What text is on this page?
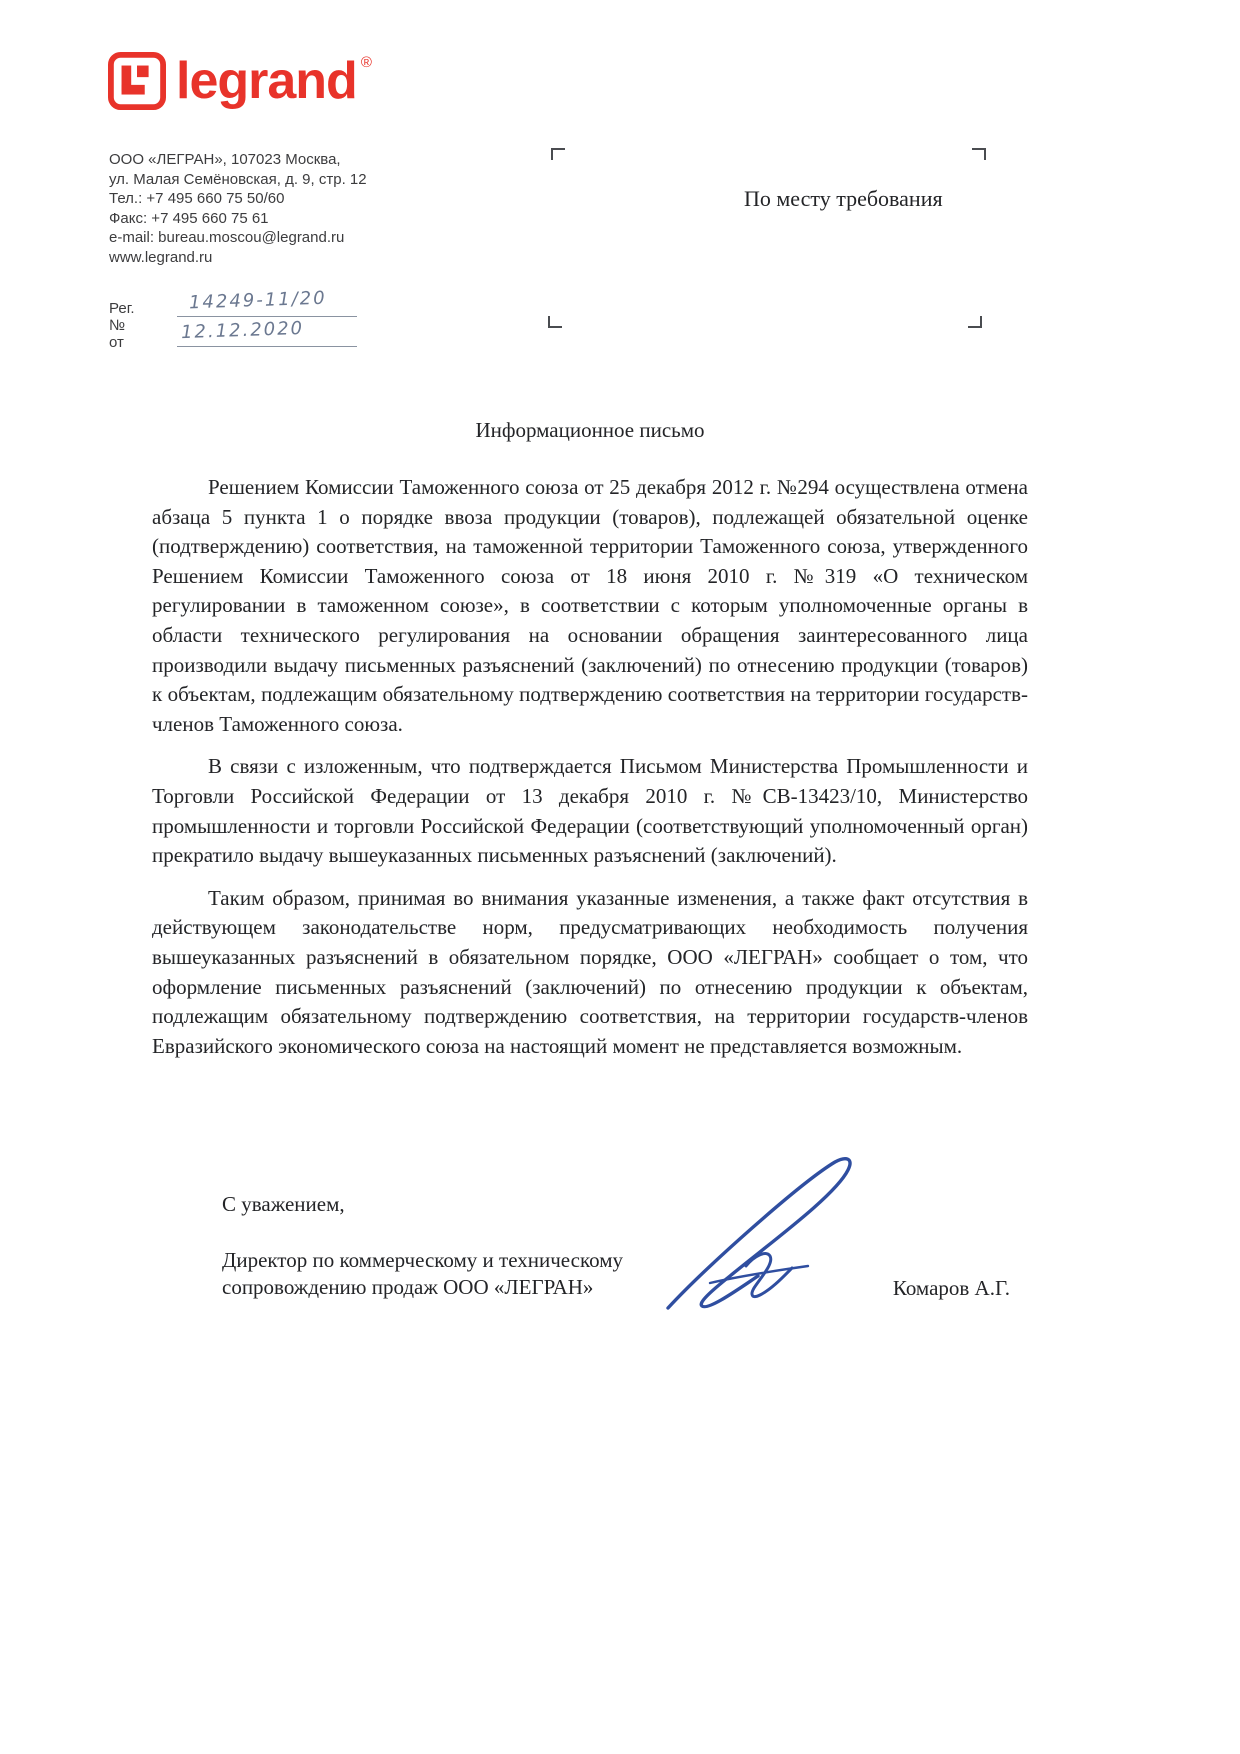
legrand ®
ООО «ЛЕГРАН», 107023 Москва,
ул. Малая Семёновская, д. 9, стр. 12
Тел.: +7 495 660 75 50/60
Факс: +7 495 660 75 61
e-mail: bureau.moscou@legrand.ru
www.legrand.ru
Рег. №
14249-11/20
от	12.12.2020
По месту требования
Информационное письмо

Решением Комиссии Таможенного союза от 25 декабря 2012 г. №294 осуществлена отмена абзаца 5 пункта 1 о порядке ввоза продукции (товаров), подлежащей обязательной оценке (подтверждению) соответствия, на таможенной территории Таможенного союза, утвержденного Решением Комиссии Таможенного союза от 18 июня 2010 г. №319 «О техническом регулировании в таможенном союзе», в соответствии с которым уполномоченные органы в области технического регулирования на основании обращения заинтересованного лица производили выдачу письменных разъяснений (заключений) по отнесению продукции (товаров) к объектам, подлежащим обязательному подтверждению соответствия на территории государств-членов Таможенного союза.

В связи с изложенным, что подтверждается Письмом Министерства Промышленности и Торговли Российской Федерации от 13 декабря 2010 г. №СВ-13423/10, Министерство промышленности и торговли Российской Федерации (соответствующий уполномоченный орган) прекратило выдачу вышеуказанных письменных разъяснений (заключений).

Таким образом, принимая во внимания указанные изменения, а также факт отсутствия в действующем законодательстве норм, предусматривающих необходимость получения вышеуказанных разъяснений в обязательном порядке, ООО «ЛЕГРАН» сообщает о том, что оформление письменных разъяснений (заключений) по отнесению продукции к объектам, подлежащим обязательному подтверждению соответствия, на территории государств-членов Евразийского экономического союза на настоящий момент не представляется возможным.

С уважением,
Директор по коммерческому и техническому
сопровождению продаж ООО «ЛЕГРАН»	Комаров А.Г.
